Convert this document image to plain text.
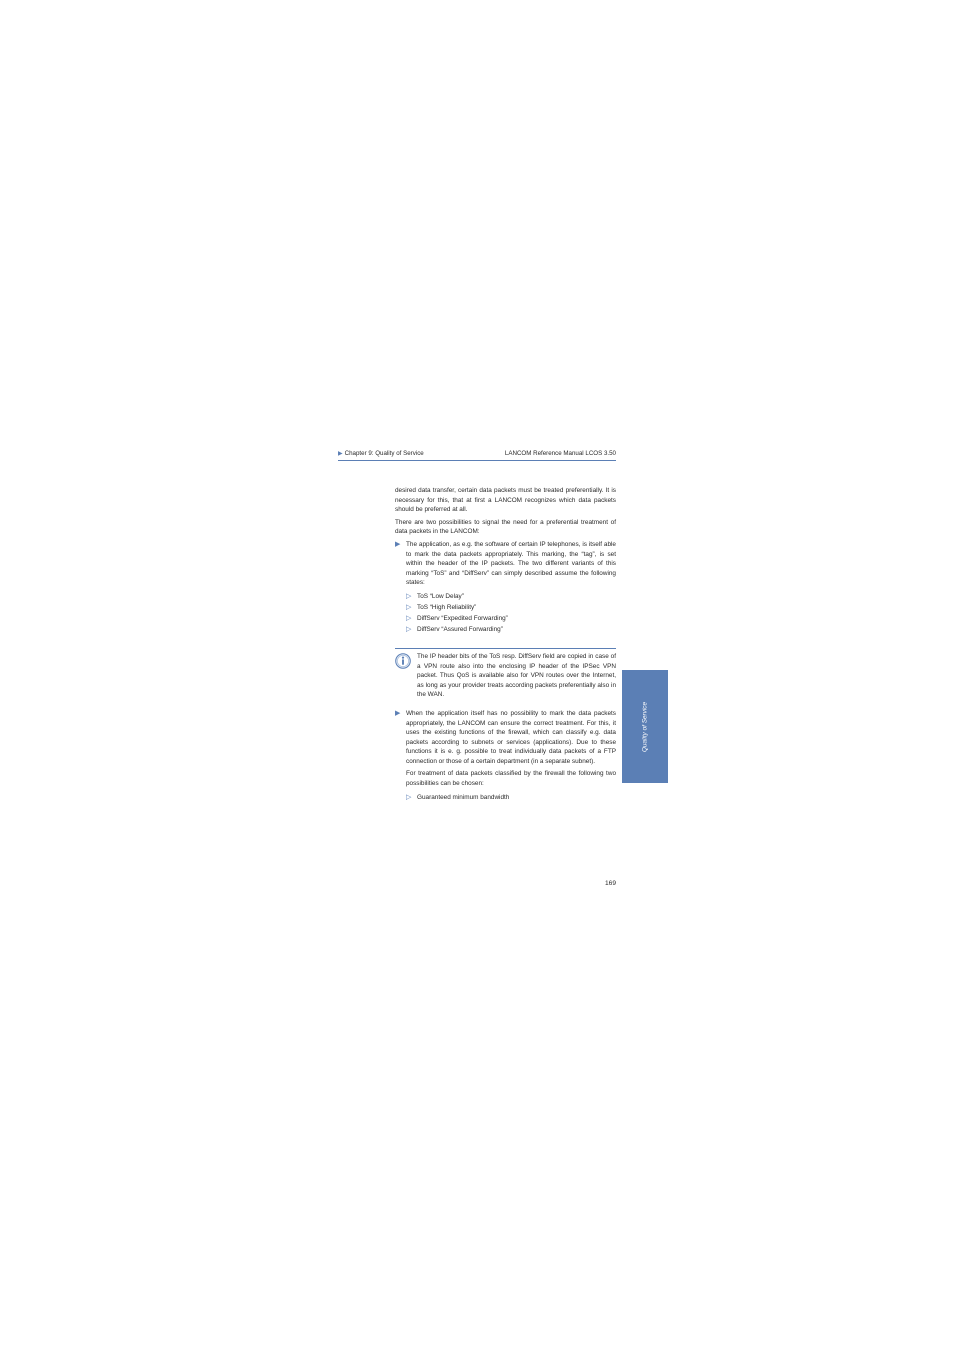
▶ Chapter 9: Quality of Service	LANCOM Reference Manual LCOS 3.50

desired data transfer, certain data packets must be treated preferentially. It is necessary for this, that at first a LANCOM recognizes which data packets should be preferred at all.

There are two possibilities to signal the need for a preferential treatment of data packets in the LANCOM:

▶ The application, as e.g. the software of certain IP telephones, is itself able to mark the data packets appropriately. This marking, the “tag”, is set within the header of the IP packets. The two different variants of this marking “ToS” and “DiffServ” can simply described assume the following states:

▷ ToS “Low Delay”
▷ ToS “High Reliability”
▷ DiffServ “Expedited Forwarding”
▷ DiffServ “Assured Forwarding”

The IP header bits of the ToS resp. DiffServ field are copied in case of a VPN route also into the enclosing IP header of the IPSec VPN packet. Thus QoS is available also for VPN routes over the Internet, as long as your provider treats according packets preferentially also in the WAN.

▶ When the application itself has no possibility to mark the data packets appropriately, the LANCOM can ensure the correct treatment. For this, it uses the existing functions of the firewall, which can classify e.g. data packets according to subnets or services (applications). Due to these functions it is e. g. possible to treat individually data packets of a FTP connection or those of a certain department (in a separate subnet).

For treatment of data packets classified by the firewall the following two possibilities can be chosen:

▷ Guaranteed minimum bandwidth
Quality of Service
169
